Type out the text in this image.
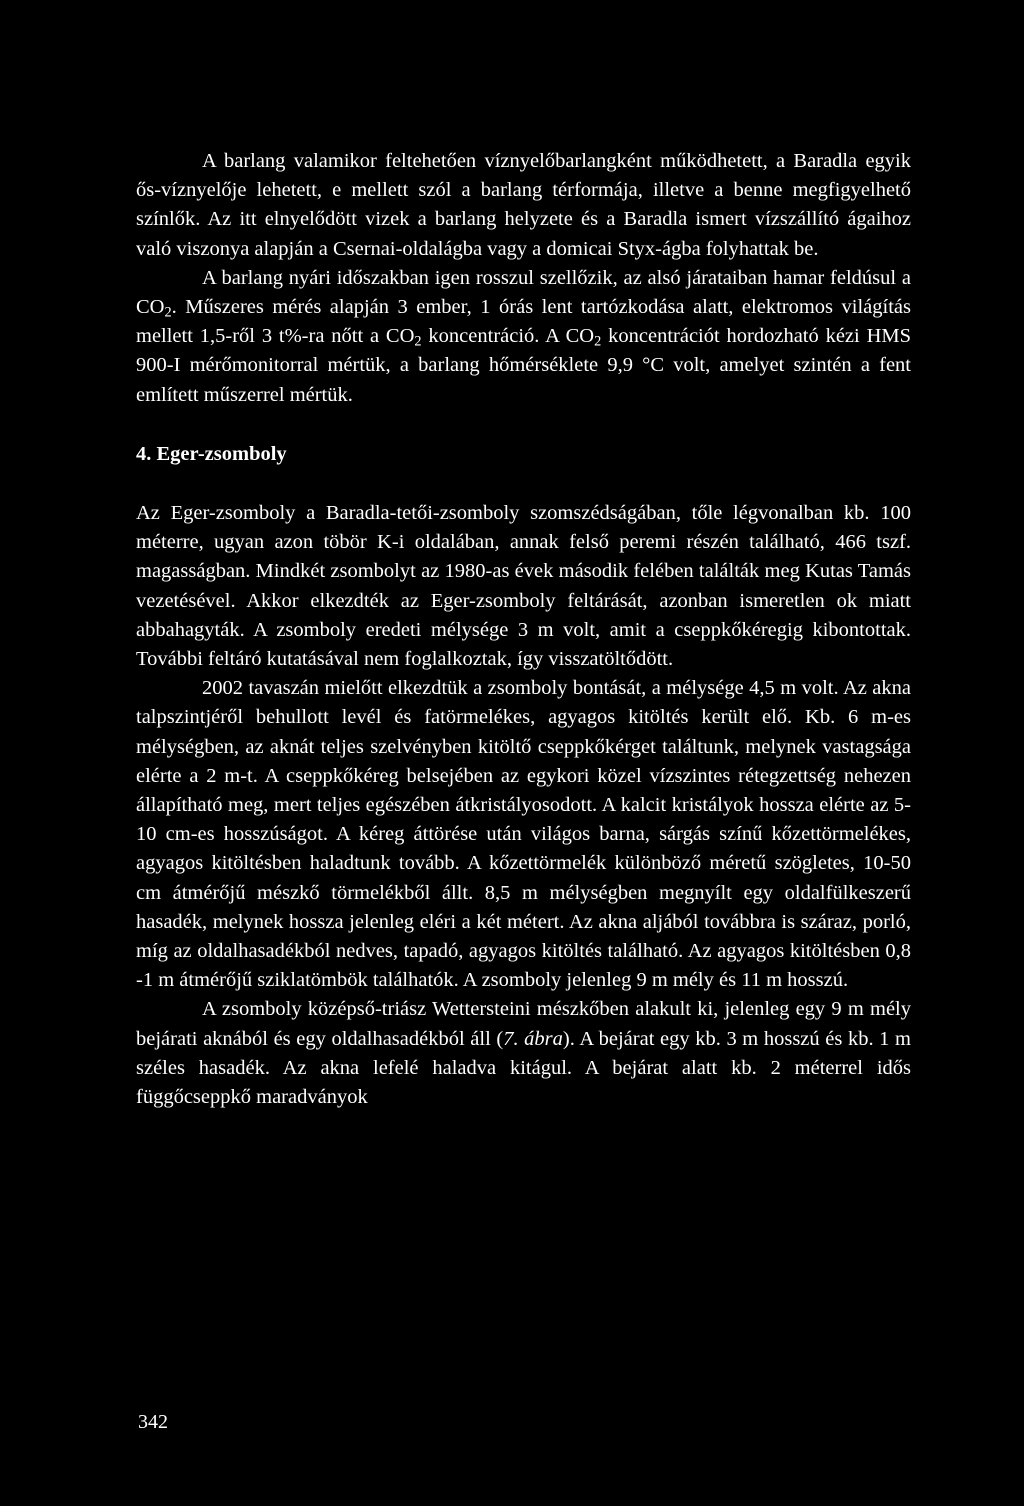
A barlang valamikor feltehetően víznyelőbarlangként működhetett, a Baradla egyik ős-víznyelője lehetett, e mellett szól a barlang térformája, illetve a benne megfigyelhető színlők. Az itt elnyelődött vizek a barlang helyzete és a Baradla ismert vízszállító ágaihoz való viszonya alapján a Csernai-oldalágba vagy a domicai Styx-ágba folyhattak be.

A barlang nyári időszakban igen rosszul szellőzik, az alsó járataiban hamar feldúsul a $CO_2$. Műszeres mérés alapján 3 ember, 1 órás lent tartózkodása alatt, elektromos világítás mellett 1,5-ről 3 t%-ra nőtt a $CO_2$ koncentráció. A $CO_2$ koncentrációt hordozható kézi HMS 900-I mérőmonitorral mértük, a barlang hőmérséklete 9,9 °C volt, amelyet szintén a fent említett műszerrel mértük.

4. Eger-zsomboly

Az Eger-zsomboly a Baradla-tetői-zsomboly szomszédságában, tőle légvonalban kb. 100 méterre, ugyan azon töbör K-i oldalában, annak felső peremi részén található, 466 tszf. magasságban. Mindkét zsombolyt az 1980-as évek második felében találták meg Kutas Tamás vezetésével. Akkor elkezdték az Eger-zsomboly feltárását, azonban ismeretlen ok miatt abbahagyták. A zsomboly eredeti mélysége 3 m volt, amit a cseppkőkéregig kibontottak. További feltáró kutatásával nem foglalkoztak, így visszatöltődött.

2002 tavaszán mielőtt elkezdtük a zsomboly bontását, a mélysége 4,5 m volt. Az akna talpszintjéről behullott levél és fatörmelékes, agyagos kitöltés került elő. Kb. 6 m-es mélységben, az aknát teljes szelvényben kitöltő cseppkőkérget találtunk, melynek vastagsága elérte a 2 m-t. A cseppkőkéreg belsejében az egykori közel vízszintes rétegzettség nehezen állapítható meg, mert teljes egészében átkristályosodott. A kalcit kristályok hossza elérte az 5-10 cm-es hosszúságot. A kéreg áttörése után világos barna, sárgás színű kőzettörmelékes, agyagos kitöltésben haladtunk tovább. A kőzettörmelék különböző méretű szögletes, 10-50 cm átmérőjű mészkő törmelékből állt. 8,5 m mélységben megnyílt egy oldalfülkeszerű hasadék, melynek hossza jelenleg eléri a két métert. Az akna aljából továbbra is száraz, porló, míg az oldalhasadékból nedves, tapadó, agyagos kitöltés található. Az agyagos kitöltésben 0,8 -1 m átmérőjű sziklatömbök találhatók. A zsomboly jelenleg 9 m mély és 11 m hosszú.

A zsomboly középső-triász Wettersteini mészkőben alakult ki, jelenleg egy 9 m mély bejárati aknából és egy oldalhasadékból áll (7. ábra). A bejárat egy kb. 3 m hosszú és kb. 1 m széles hasadék. Az akna lefelé haladva kitágul. A bejárat alatt kb. 2 méterrel idős függőcseppkő maradványok

342
